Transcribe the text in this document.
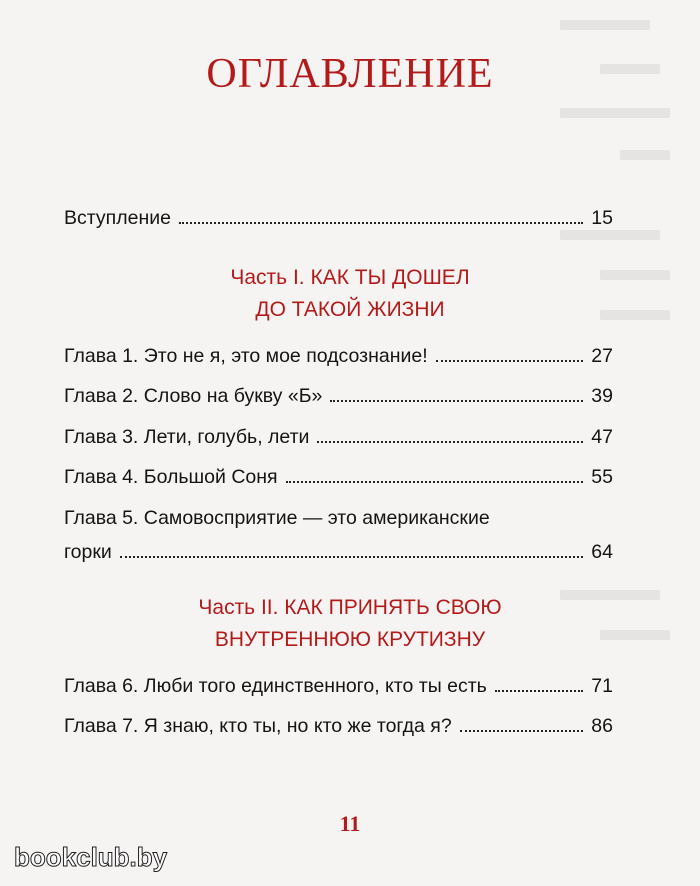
ОГЛАВЛЕНИЕ
Вступление	15
Часть I. КАК ТЫ ДОШЕЛ
ДО ТАКОЙ ЖИЗНИ
Глава 1. Это не я, это мое подсознание!	27
Глава 2. Слово на букву «Б»	39
Глава 3. Лети, голубь, лети	47
Глава 4. Большой Соня	55
Глава 5. Самовосприятие — это американские
горки	64
Часть II. КАК ПРИНЯТЬ СВОЮ
ВНУТРЕННЮЮ КРУТИЗНУ
Глава 6. Люби того единственного, кто ты есть	71
Глава 7. Я знаю, кто ты, но кто же тогда я?	86
11
bookclub.by
